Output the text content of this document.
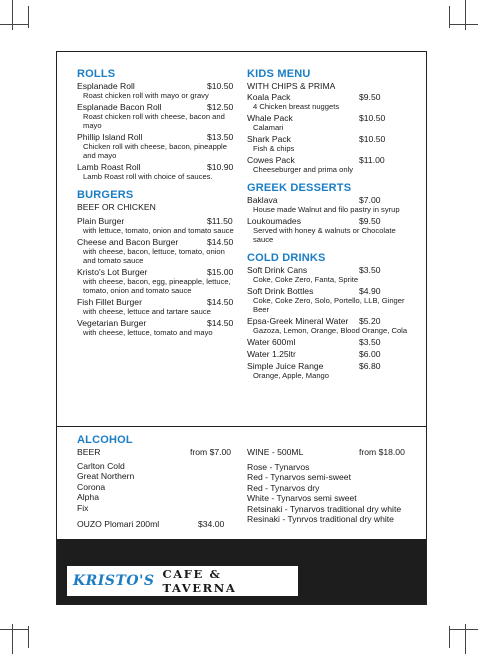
ROLLS
Esplanade Roll	$10.50
Roast chicken roll with mayo or gravy
Esplanade Bacon Roll	$12.50
Roast chicken roll with cheese, bacon and mayo
Phillip Island Roll	$13.50
Chicken roll with cheese, bacon, pineapple and mayo
Lamb Roast Roll	$10.90
Lamb Roast roll with choice of sauces.
BURGERS
BEEF OR CHICKEN
Plain Burger	$11.50
with lettuce, tomato, onion and tomato sauce
Cheese and Bacon Burger	$14.50
with cheese, bacon, lettuce, tomato, onion and tomato sauce
Kristo's Lot Burger	$15.00
with cheese, bacon, egg, pineapple, lettuce, tomato, onion and tomato sauce
Fish Fillet Burger	$14.50
with cheese, lettuce and tartare sauce
Vegetarian Burger	$14.50
with cheese, lettuce, tomato and mayo
KIDS MENU
WITH CHIPS & PRIMA
Koala Pack	$9.50
4 Chicken breast nuggets
Whale Pack	$10.50
Calamari
Shark Pack	$10.50
Fish & chips
Cowes Pack	$11.00
Cheeseburger and prima only
GREEK DESSERTS
Baklava	$7.00
House made Walnut and filo pastry in syrup
Loukoumades	$9.50
Served with honey & walnuts or Chocolate sauce
COLD DRINKS
Soft Drink Cans	$3.50
Coke, Coke Zero, Fanta, Sprite
Soft Drink Bottles	$4.90
Coke, Coke Zero, Solo, Portello, LLB, Ginger Beer
Epsa-Greek Mineral Water $5.20
Gazoza, Lemon, Orange, Blood Orange, Cola
Water 600ml	$3.50
Water 1.25ltr	$6.00
Simple Juice Range	$6.80
Orange, Apple, Mango
ALCOHOL
BEER	from $7.00
Carlton Cold
Great Northern
Corona
Alpha
Fix
OUZO Plomari 200ml	$34.00
WINE - 500ML	from $18.00
Rose - Tynarvos
Red - Tynarvos semi-sweet
Red - Tynarvos dry
White - Tynarvos semi sweet
Retsinaki - Tynarvos traditional dry white
Resinaki - Tynrvos traditional dry white
KRISTO'S CAFE & TAVERNA
